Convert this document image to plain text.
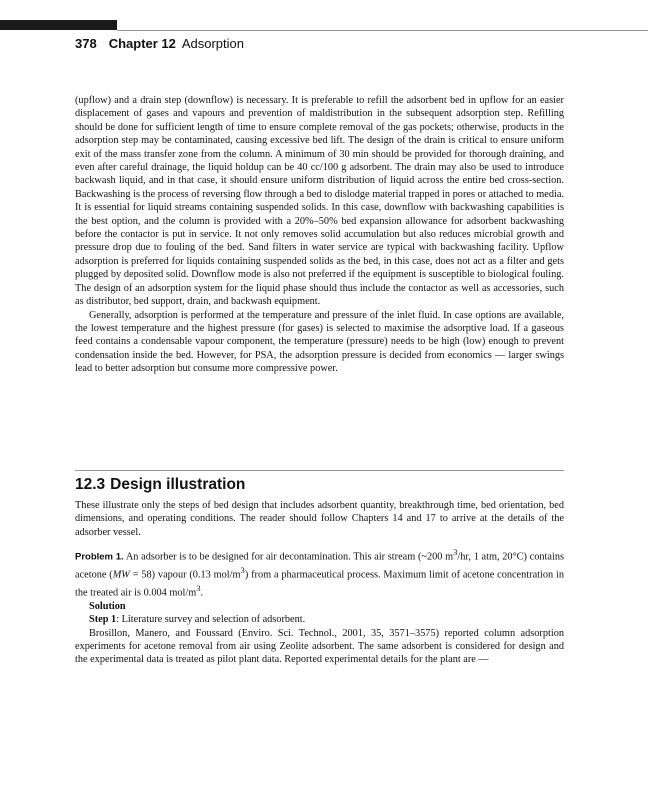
378 Chapter 12 Adsorption

(upflow) and a drain step (downflow) is necessary. It is preferable to refill the adsorbent bed in upflow for an easier displacement of gases and vapours and prevention of maldistribution in the subsequent adsorption step. Refilling should be done for sufficient length of time to ensure complete removal of the gas pockets; otherwise, products in the adsorption step may be contaminated, causing excessive bed lift. The design of the drain is critical to ensure uniform exit of the mass transfer zone from the column. A minimum of 30 min should be provided for thorough draining, and even after careful drainage, the liquid holdup can be 40 cc/100 g adsorbent. The drain may also be used to introduce backwash liquid, and in that case, it should ensure uniform distribution of liquid across the entire bed cross-section. Backwashing is the process of reversing flow through a bed to dislodge material trapped in pores or attached to media. It is essential for liquid streams containing suspended solids. In this case, downflow with backwashing capabilities is the best option, and the column is provided with a 20%–50% bed expansion allowance for adsorbent backwashing before the contactor is put in service. It not only removes solid accumulation but also reduces microbial growth and pressure drop due to fouling of the bed. Sand filters in water service are typical with backwashing facility. Upflow adsorption is preferred for liquids containing suspended solids as the bed, in this case, does not act as a filter and gets plugged by deposited solid. Downflow mode is also not preferred if the equipment is susceptible to biological fouling. The design of an adsorption system for the liquid phase should thus include the contactor as well as accessories, such as distributor, bed support, drain, and backwash equipment.

Generally, adsorption is performed at the temperature and pressure of the inlet fluid. In case options are available, the lowest temperature and the highest pressure (for gases) is selected to maximise the adsorptive load. If a gaseous feed contains a condensable vapour component, the temperature (pressure) needs to be high (low) enough to prevent condensation inside the bed. However, for PSA, the adsorption pressure is decided from economics — larger swings lead to better adsorption but consume more compressive power.

12.3 Design illustration

These illustrate only the steps of bed design that includes adsorbent quantity, breakthrough time, bed orientation, bed dimensions, and operating conditions. The reader should follow Chapters 14 and 17 to arrive at the details of the adsorber vessel.

Problem 1. An adsorber is to be designed for air decontamination. This air stream (~200 $m^3/hr$, 1 atm, 20°C) contains acetone (MW = 58) vapour (0.13 mol/$m^3$) from a pharmaceutical process. Maximum limit of acetone concentration in the treated air is 0.004 mol/$m^3$.

Solution

Step 1: Literature survey and selection of adsorbent.

Brosillon, Manero, and Foussard (Enviro. Sci. Technol., 2001, 35, 3571–3575) reported column adsorption experiments for acetone removal from air using Zeolite adsorbent. The same adsorbent is considered for design and the experimental data is treated as pilot plant data. Reported experimental details for the plant are —
